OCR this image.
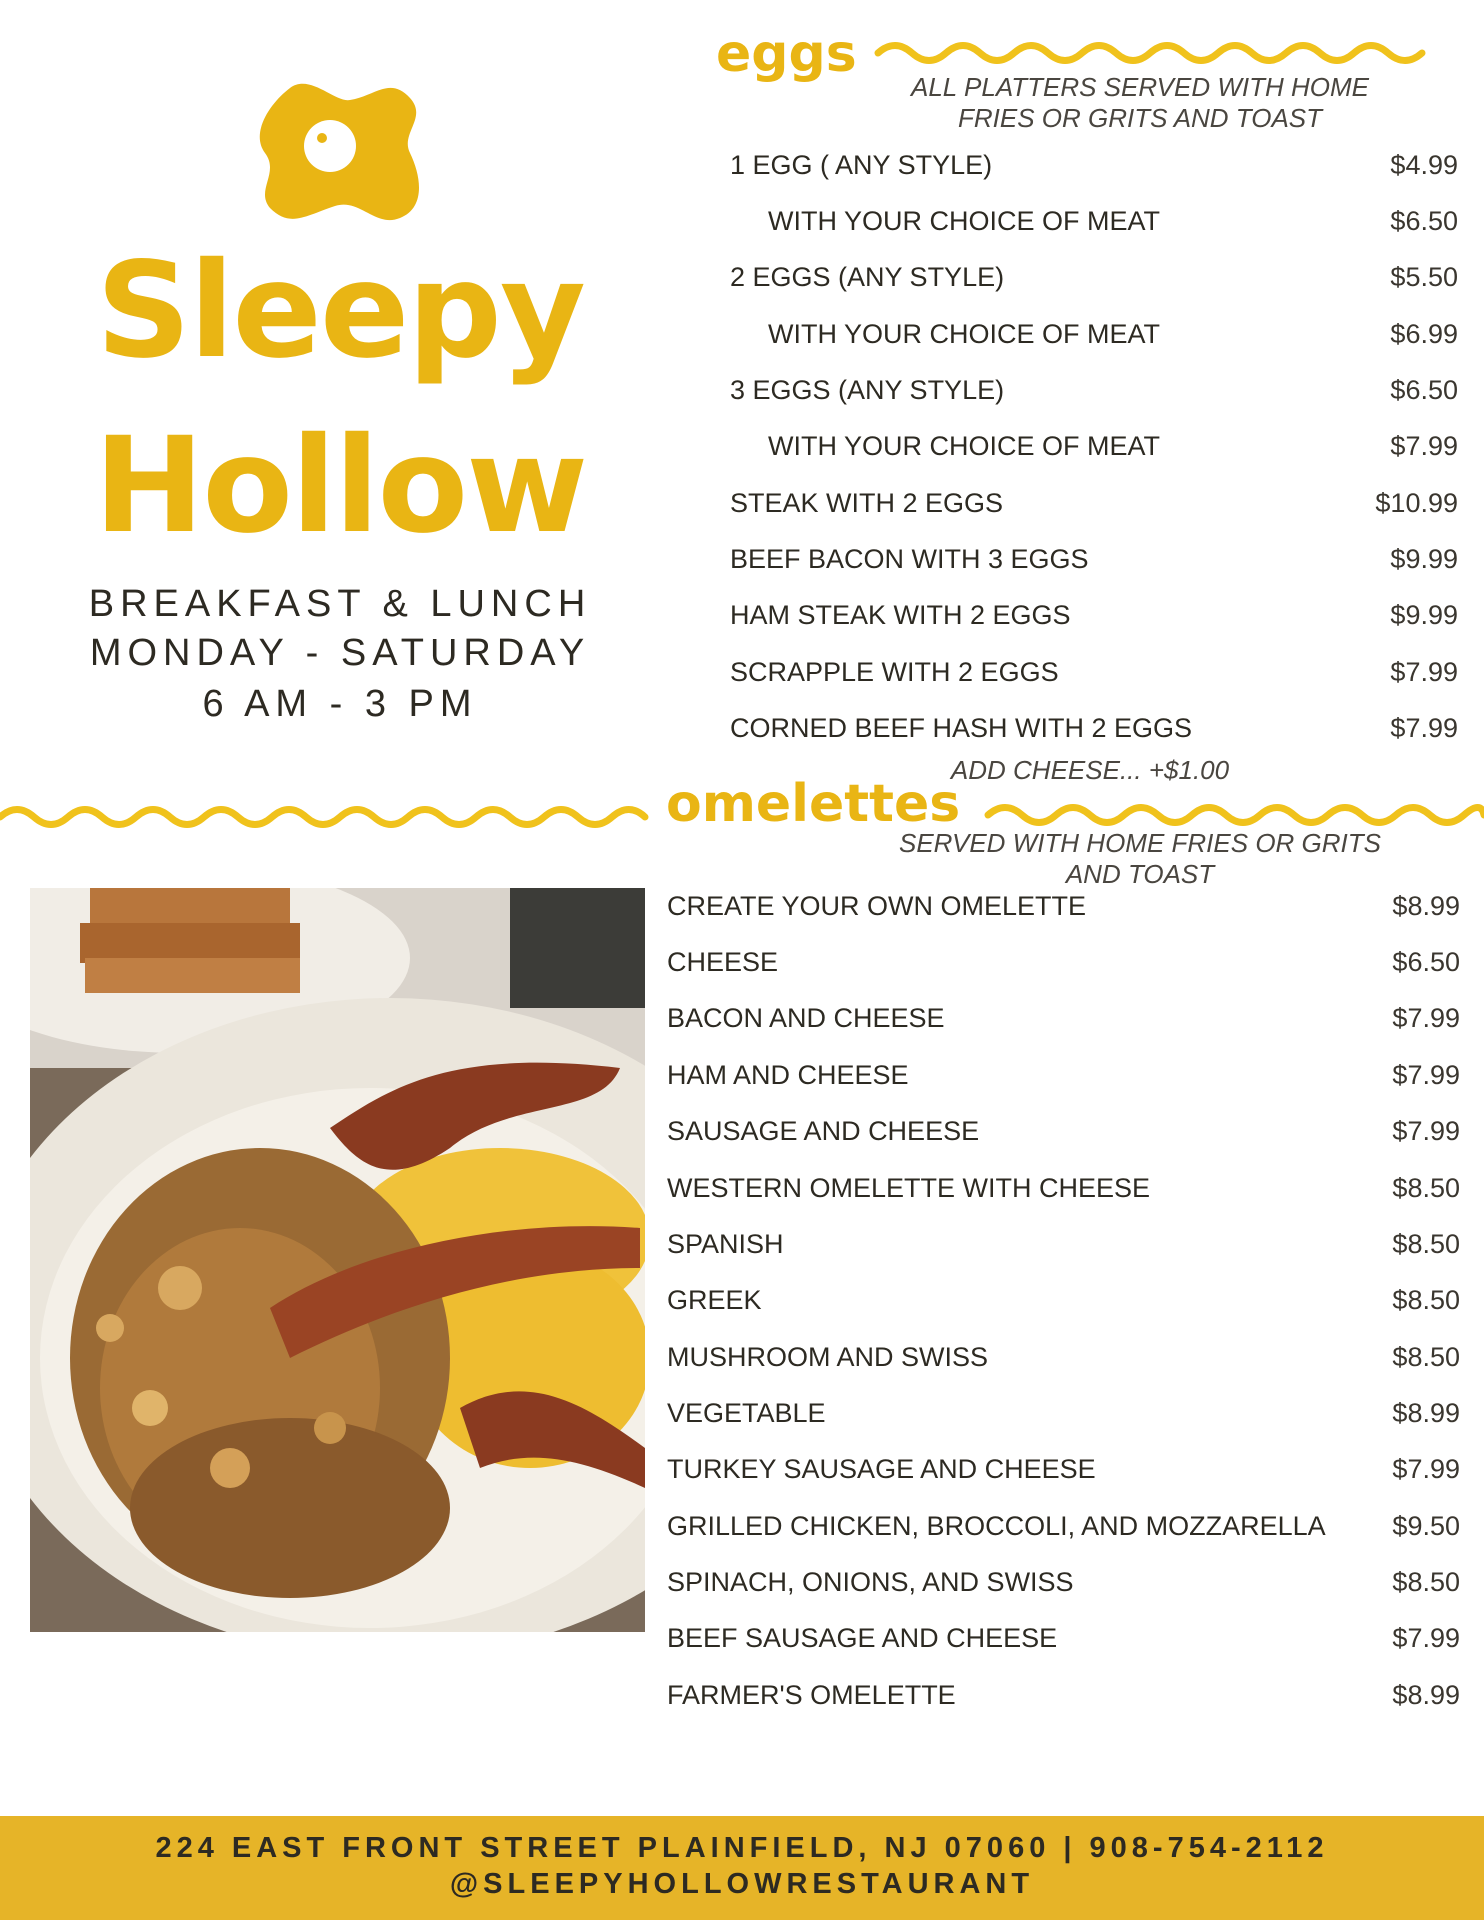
Sleepy
Hollow
BREAKFAST & LUNCH
MONDAY - SATURDAY
6 AM - 3 PM
eggs
ALL PLATTERS SERVED WITH HOME
FRIES OR GRITS AND TOAST
1 EGG ( ANY STYLE)	$4.99
WITH YOUR CHOICE OF MEAT	$6.50
2 EGGS (ANY STYLE)	$5.50
WITH YOUR CHOICE OF MEAT	$6.99
3 EGGS (ANY STYLE)	$6.50
WITH YOUR CHOICE OF MEAT	$7.99
STEAK WITH 2 EGGS	$10.99
BEEF BACON WITH 3 EGGS	$9.99
HAM STEAK WITH 2 EGGS	$9.99
SCRAPPLE WITH 2 EGGS	$7.99
CORNED BEEF HASH WITH 2 EGGS	$7.99
ADD CHEESE... +$1.00
omelettes
SERVED WITH HOME FRIES OR GRITS
AND TOAST
CREATE YOUR OWN OMELETTE	$8.99
CHEESE	$6.50
BACON AND CHEESE	$7.99
HAM AND CHEESE	$7.99
SAUSAGE AND CHEESE	$7.99
WESTERN OMELETTE WITH CHEESE	$8.50
SPANISH	$8.50
GREEK	$8.50
MUSHROOM AND SWISS	$8.50
VEGETABLE	$8.99
TURKEY SAUSAGE AND CHEESE	$7.99
GRILLED CHICKEN, BROCCOLI, AND MOZZARELLA $9.50
SPINACH, ONIONS, AND SWISS	$8.50
BEEF SAUSAGE AND CHEESE	$7.99
FARMER'S OMELETTE	$8.99
224 EAST FRONT STREET PLAINFIELD, NJ 07060 | 908-754-2112
@SLEEPYHOLLOWRESTAURANT
